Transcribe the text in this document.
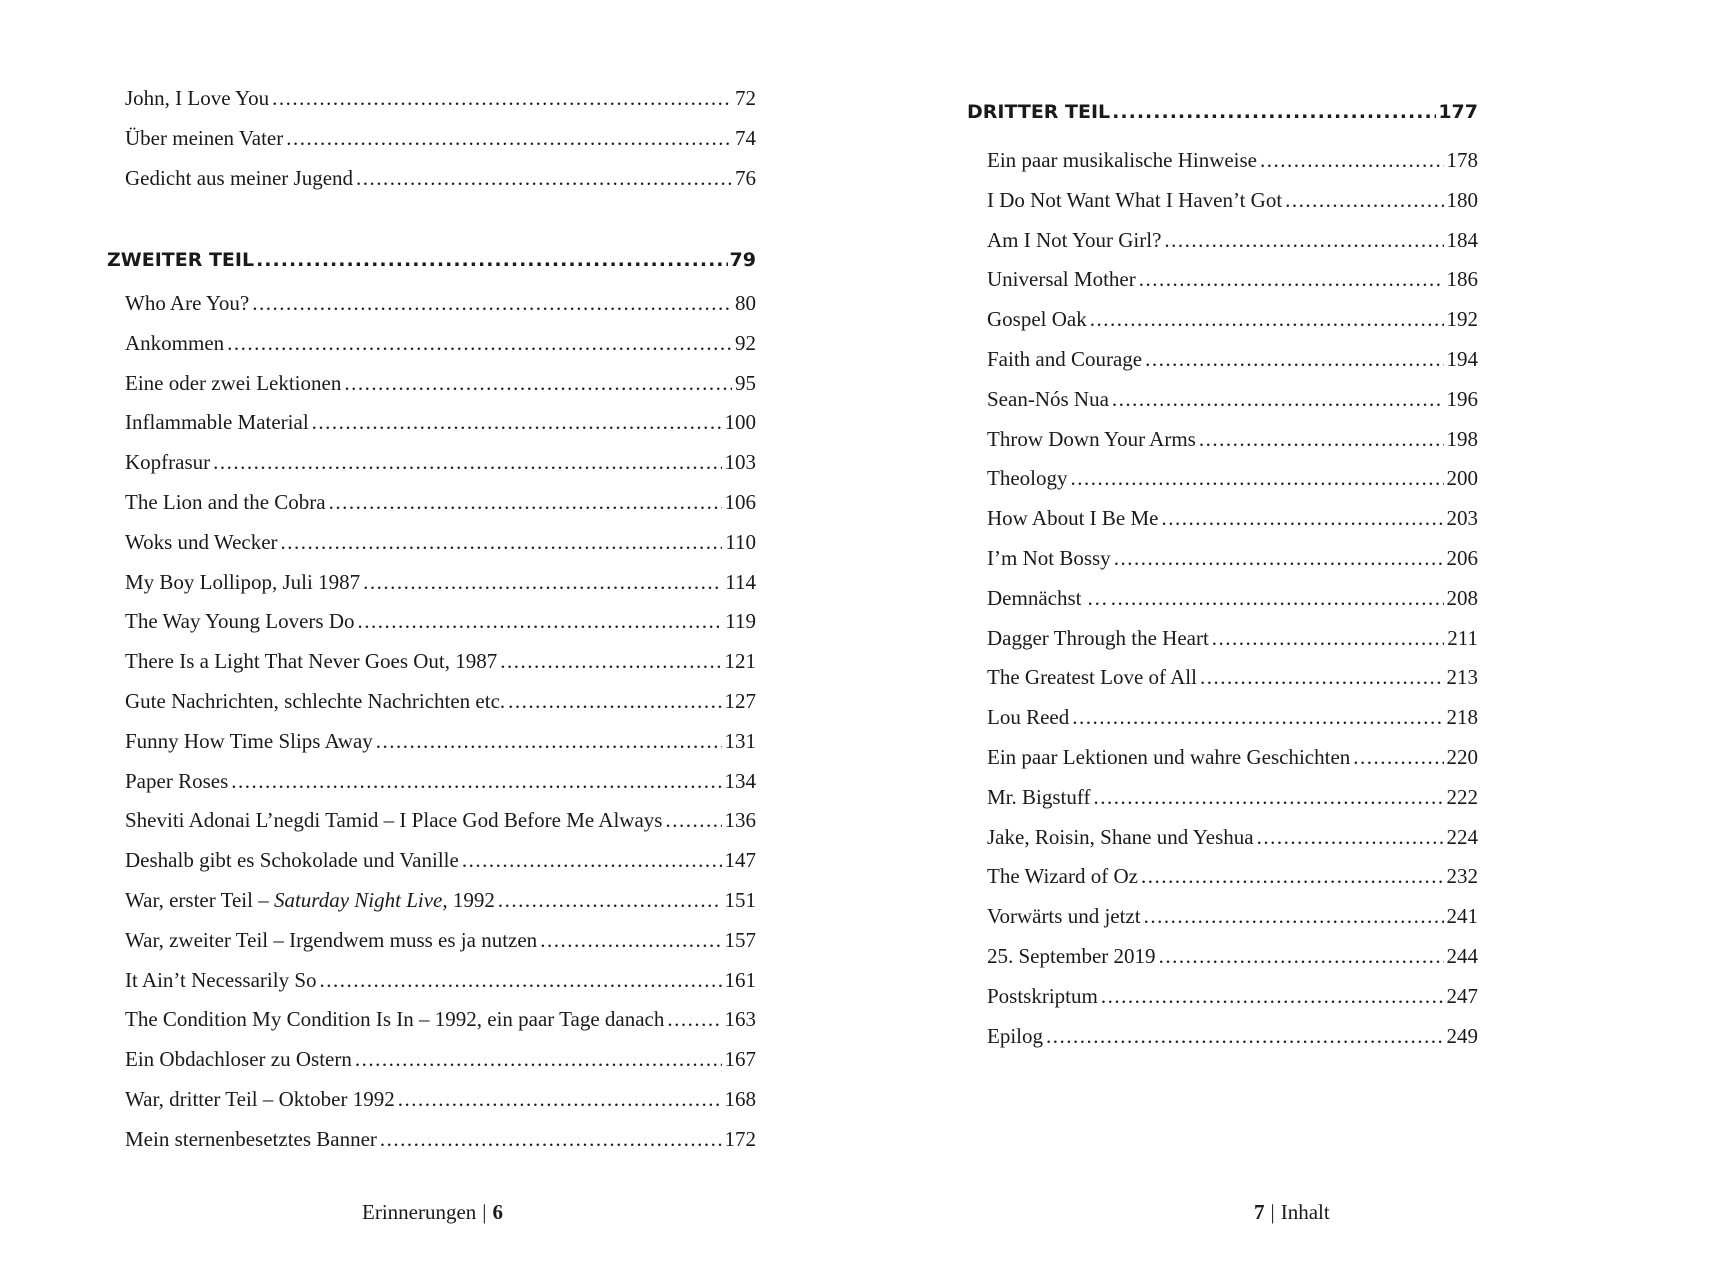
John, I Love You .....	72
Über meinen Vater .....	74
Gedicht aus meiner Jugend .....	76
ZWEITER TEIL .....	79
Who Are You? .....	80
Ankommen .....	92
Eine oder zwei Lektionen .....	95
Inflammable Material .....	100
Kopfrasur .....	103
The Lion and the Cobra .....	106
Woks und Wecker .....	110
My Boy Lollipop, Juli 1987 .....	114
The Way Young Lovers Do .....	119
There Is a Light That Never Goes Out, 1987 .....	121
Gute Nachrichten, schlechte Nachrichten etc. .....	127
Funny How Time Slips Away .....	131
Paper Roses .....	134
Sheviti Adonai L’negdi Tamid – I Place God Before Me Always .....	136
Deshalb gibt es Schokolade und Vanille .....	147
War, erster Teil – Saturday Night Live, 1992 .....	151
War, zweiter Teil – Irgendwem muss es ja nutzen .....	157
It Ain’t Necessarily So .....	161
The Condition My Condition Is In – 1992, ein paar Tage danach .....	163
Ein Obdachloser zu Ostern .....	167
War, dritter Teil – Oktober 1992 .....	168
Mein sternenbesetztes Banner .....	172
Erinnerungen | 6
DRITTER TEIL .....	177
Ein paar musikalische Hinweise .....	178
I Do Not Want What I Haven’t Got .....	180
Am I Not Your Girl? .....	184
Universal Mother .....	186
Gospel Oak .....	192
Faith and Courage .....	194
Sean-Nós Nua .....	196
Throw Down Your Arms .....	198
Theology .....	200
How About I Be Me .....	203
I’m Not Bossy .....	206
Demnächst … .....	208
Dagger Through the Heart .....	211
The Greatest Love of All .....	213
Lou Reed .....	218
Ein paar Lektionen und wahre Geschichten .....	220
Mr. Bigstuff .....	222
Jake, Roisin, Shane und Yeshua .....	224
The Wizard of Oz .....	232
Vorwärts und jetzt .....	241
25. September 2019 .....	244
Postskriptum .....	247
Epilog .....	249
7 | Inhalt
